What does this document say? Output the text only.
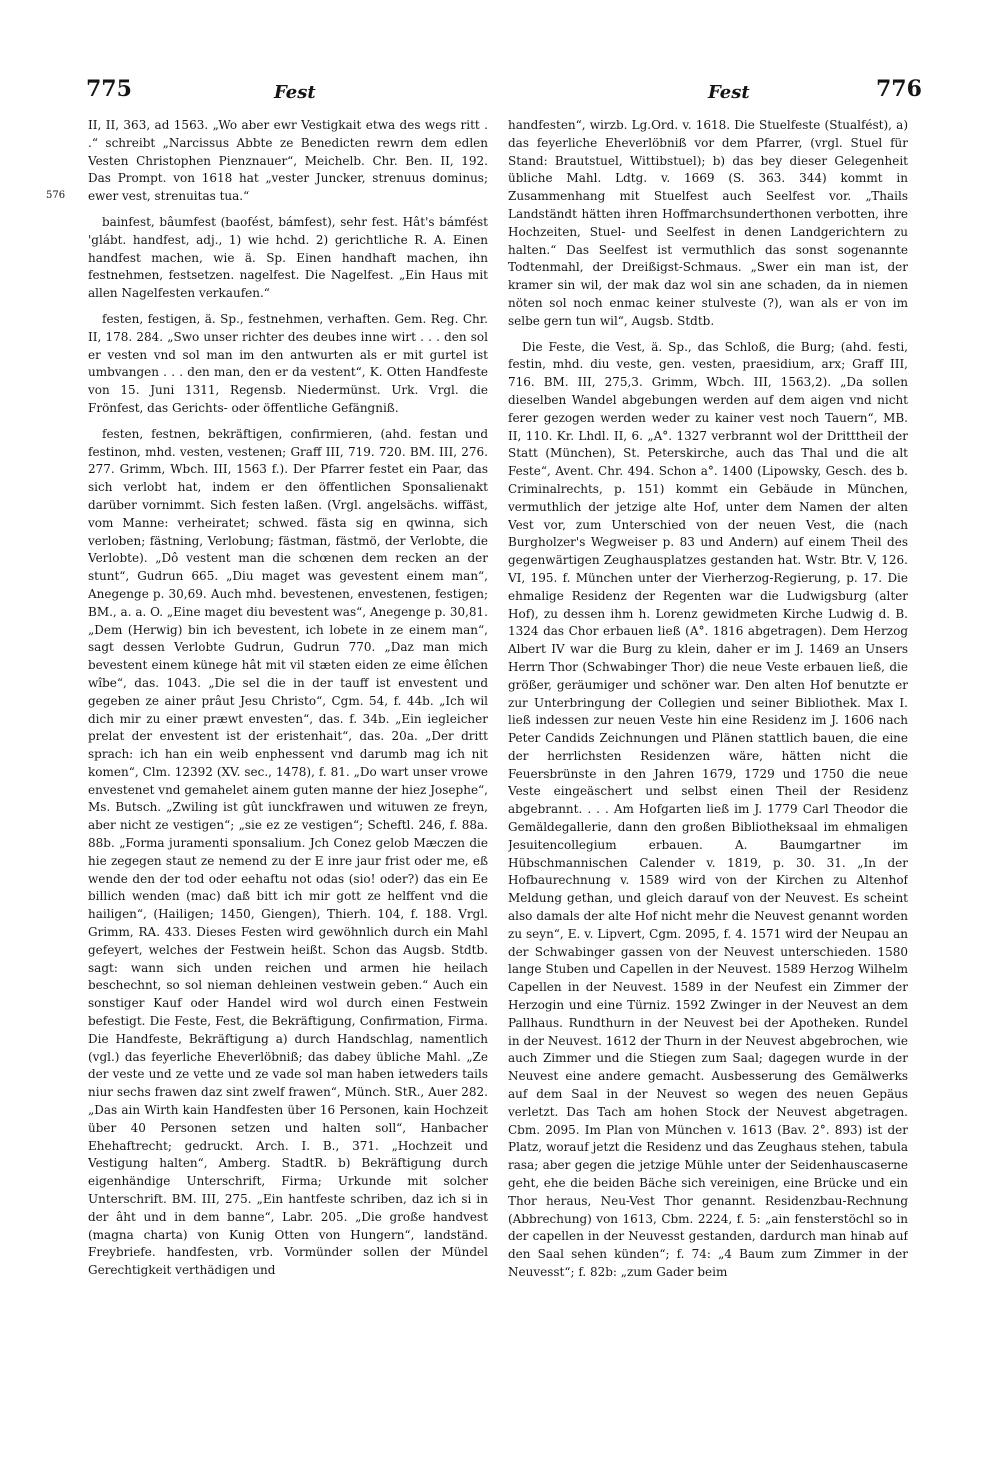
775	Fest	Fest	776
576

II, II, 363, ad 1563. „Wo aber ewr Vestigkait etwa des wegs ritt . .“ schreibt „Narcissus Abbte ze Benedicten rewrn dem edlen Vesten Christophen Pienznauer“, Meichelb. Chr. Ben. II, 192. Das Prompt. von 1618 hat „vester Juncker, strenuus dominus; ewer vest, strenuitas tua.“

bainfest, bâumfest (baofést, bámfest), sehr fest. Hât's bámfést 'glábt. handfest, adj., 1) wie hchd. 2) gerichtliche R. A. Einen handfest machen, wie ä. Sp. Einen handhaft machen, ihn festnehmen, festsetzen. nagelfest. Die Nagelfest. „Ein Haus mit allen Nagelfesten verkaufen.“

festen, festigen, ä. Sp., festnehmen, verhaften. Gem. Reg. Chr. II, 178. 284. „Swo unser richter des deubes inne wirt . . . den sol er vesten vnd sol man im den antwurten als er mit gurtel ist umbvangen . . . den man, den er da vestent“, K. Otten Handfeste von 15. Juni 1311, Regensb. Niedermünst. Urk. Vrgl. die Frönfest, das Gerichts- oder öffentliche Gefängniß.

festen, festnen, bekräftigen, confirmieren, (ahd. festan und festinon, mhd. vesten, vestenen; Graff III, 719. 720. BM. III, 276. 277. Grimm, Wbch. III, 1563 f.). Der Pfarrer festet ein Paar, das sich verlobt hat, indem er den öffentlichen Sponsalienakt darüber vornimmt. Sich festen laßen. (Vrgl. angelsächs. wiffäst, vom Manne: verheiratet; schwed. fästa sig en qwinna, sich verloben; fästning, Verlobung; fästman, fästmö, der Verlobte, die Verlobte). „Dô vestent man die schœnen dem recken an der stunt“, Gudrun 665. „Diu maget was gevestent einem man“, Anegenge p. 30,69. Auch mhd. bevestenen, envestenen, festigen; BM., a. a. O. „Eine maget diu bevestent was“, Anegenge p. 30,81. „Dem (Herwig) bin ich bevestent, ich lobete in ze einem man“, sagt dessen Verlobte Gudrun, Gudrun 770. „Daz man mich bevestent einem künege hât mit vil stæten eiden ze eime êlîchen wîbe“, das. 1043. „Die sel die in der tauff ist envestent und gegeben ze ainer prâut Jesu Christo“, Cgm. 54, f. 44b. „Ich wil dich mir zu einer præwt envesten“, das. f. 34b. „Ein iegleicher prelat der envestent ist der eristenhait“, das. 20a. „Der dritt sprach: ich han ein weib enphessent vnd darumb mag ich nit komen“, Clm. 12392 (XV. sec., 1478), f. 81. „Do wart unser vrowe envestenet vnd gemahelet ainem guten manne der hiez Josephe“, Ms. Butsch. „Zwiling ist gût iunckfrawen und wituwen ze freyn, aber nicht ze vestigen“; „sie ez ze vestigen“; Scheftl. 246, f. 88a. 88b. „Forma juramenti sponsalium. Jch Conez gelob Mæczen die hie zegegen staut ze nemend zu der E inre jaur frist oder me, eß wende den der tod oder eehaftu not odas (sio! oder?) das ein Ee billich wenden (mac) daß bitt ich mir gott ze helffent vnd die hailigen“, (Hailigen; 1450, Giengen), Thierh. 104, f. 188. Vrgl. Grimm, RA. 433. Dieses Festen wird gewöhnlich durch ein Mahl gefeyert, welches der Festwein heißt. Schon das Augsb. Stdtb. sagt: wann sich unden reichen und armen hie heilach beschechnt, so sol nieman dehleinen vestwein geben.“ Auch ein sonstiger Kauf oder Handel wird wol durch einen Festwein befestigt. Die Feste, Fest, die Bekräftigung, Confirmation, Firma. Die Handfeste, Bekräftigung a) durch Handschlag, namentlich (vgl.) das feyerliche Eheverlöbniß; das dabey übliche Mahl. „Ze der veste und ze vette und ze vade sol man haben ietweders tails niur sechs frawen daz sint zwelf frawen“, Münch. StR., Auer 282. „Das ain Wirth kain Handfesten über 16 Personen, kain Hochzeit über 40 Personen setzen und halten soll“, Hanbacher Ehehaftrecht; gedruckt. Arch. I. B., 371. „Hochzeit und Vestigung halten“, Amberg. StadtR. b) Bekräftigung durch eigenhändige Unterschrift, Firma; Urkunde mit solcher Unterschrift. BM. III, 275. „Ein hantfeste schriben, daz ich si in der âht und in dem banne“, Labr. 205. „Die große handvest (magna charta) von Kunig Otten von Hungern“, landständ. Freybriefe. handfesten, vrb. Vormünder sollen der Mündel Gerechtigkeit verthädigen und

handfesten“, wirzb. Lg.Ord. v. 1618. Die Stuelfeste (Stualfést), a) das feyerliche Eheverlöbniß vor dem Pfarrer, (vrgl. Stuel für Stand: Brautstuel, Wittibstuel); b) das bey dieser Gelegenheit übliche Mahl. Ldtg. v. 1669 (S. 363. 344) kommt in Zusammenhang mit Stuelfest auch Seelfest vor. „Thails Landständt hätten ihren Hoffmarchsunderthonen verbotten, ihre Hochzeiten, Stuel- und Seelfest in denen Landgerichtern zu halten.“ Das Seelfest ist vermuthlich das sonst sogenannte Todtenmahl, der Dreißigst-Schmaus. „Swer ein man ist, der kramer sin wil, der mak daz wol sin ane schaden, da in niemen nöten sol noch enmac keiner stulveste (?), wan als er von im selbe gern tun wil“, Augsb. Stdtb.

Die Feste, die Vest, ä. Sp., das Schloß, die Burg; (ahd. festi, festin, mhd. diu veste, gen. vesten, praesidium, arx; Graff III, 716. BM. III, 275,3. Grimm, Wbch. III, 1563,2). „Da sollen dieselben Wandel abgebungen werden auf dem aigen vnd nicht ferer gezogen werden weder zu kainer vest noch Tauern“, MB. II, 110. Kr. Lhdl. II, 6. „A°. 1327 verbrannt wol der Dritttheil der Statt (München), St. Peterskirche, auch das Thal und die alt Feste“, Avent. Chr. 494. Schon a°. 1400 (Lipowsky, Gesch. des b. Criminalrechts, p. 151) kommt ein Gebäude in München, vermuthlich der jetzige alte Hof, unter dem Namen der alten Vest vor, zum Unterschied von der neuen Vest, die (nach Burgholzer's Wegweiser p. 83 und Andern) auf einem Theil des gegenwärtigen Zeughausplatzes gestanden hat. Wstr. Btr. V, 126. VI, 195. f. München unter der Vierherzog-Regierung, p. 17. Die ehmalige Residenz der Regenten war die Ludwigsburg (alter Hof), zu dessen ihm h. Lorenz gewidmeten Kirche Ludwig d. B. 1324 das Chor erbauen ließ (A°. 1816 abgetragen). Dem Herzog Albert IV war die Burg zu klein, daher er im J. 1469 an Unsers Herrn Thor (Schwabinger Thor) die neue Veste erbauen ließ, die größer, geräumiger und schöner war. Den alten Hof benutzte er zur Unterbringung der Collegien und seiner Bibliothek. Max I. ließ indessen zur neuen Veste hin eine Residenz im J. 1606 nach Peter Candids Zeichnungen und Plänen stattlich bauen, die eine der herrlichsten Residenzen wäre, hätten nicht die Feuersbrünste in den Jahren 1679, 1729 und 1750 die neue Veste eingeäschert und selbst einen Theil der Residenz abgebrannt. . . . Am Hofgarten ließ im J. 1779 Carl Theodor die Gemäldegallerie, dann den großen Bibliotheksaal im ehmaligen Jesuitencollegium erbauen. A. Baumgartner im Hübschmannischen Calender v. 1819, p. 30. 31. „In der Hofbaurechnung v. 1589 wird von der Kirchen zu Altenhof Meldung gethan, und gleich darauf von der Neuvest. Es scheint also damals der alte Hof nicht mehr die Neuvest genannt worden zu seyn“, E. v. Lipvert, Cgm. 2095, f. 4. 1571 wird der Neupau an der Schwabinger gassen von der Neuvest unterschieden. 1580 lange Stuben und Capellen in der Neuvest. 1589 Herzog Wilhelm Capellen in der Neuvest. 1589 in der Neufest ein Zimmer der Herzogin und eine Türniz. 1592 Zwinger in der Neuvest an dem Pallhaus. Rundthurn in der Neuvest bei der Apotheken. Rundel in der Neuvest. 1612 der Thurn in der Neuvest abgebrochen, wie auch Zimmer und die Stiegen zum Saal; dagegen wurde in der Neuvest eine andere gemacht. Ausbesserung des Gemälwerks auf dem Saal in der Neuvest so wegen des neuen Gepäus verletzt. Das Tach am hohen Stock der Neuvest abgetragen. Cbm. 2095. Im Plan von München v. 1613 (Bav. 2°. 893) ist der Platz, worauf jetzt die Residenz und das Zeughaus stehen, tabula rasa; aber gegen die jetzige Mühle unter der Seidenhauscaserne geht, ehe die beiden Bäche sich vereinigen, eine Brücke und ein Thor heraus, Neu-Vest Thor genannt. Residenzbau-Rechnung (Abbrechung) von 1613, Cbm. 2224, f. 5: „ain fensterstöchl so in der capellen in der Neuvesst gestanden, dardurch man hinab auf den Saal sehen künden“; f. 74: „4 Baum zum Zimmer in der Neuvesst“; f. 82b: „zum Gader beim
